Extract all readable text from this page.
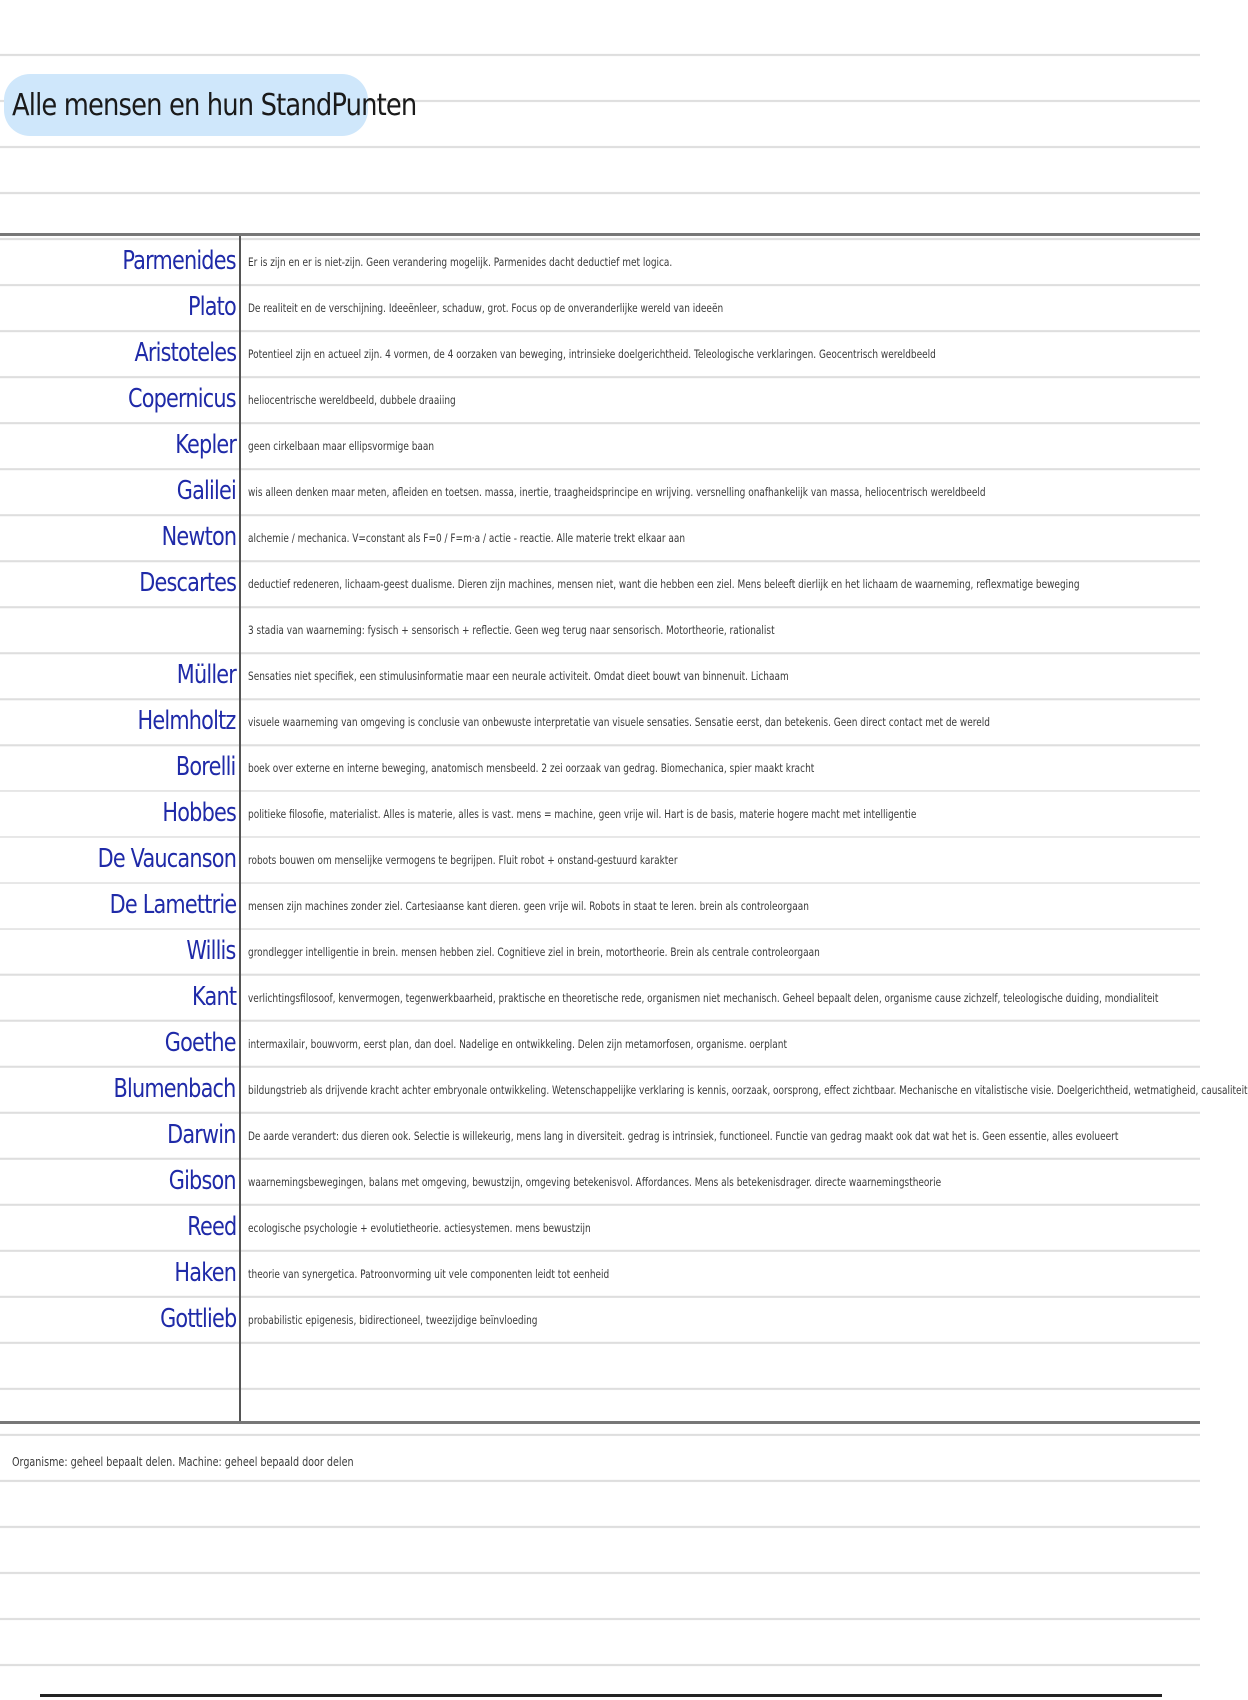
Alle mensen en hun StandPunten
Parmenides Er is zijn en er is niet-zijn. Geen verandering mogelijk. Parmenides dacht deductief met logica.
Plato De realiteit en de verschijning. Ideeënleer, schaduw, grot. Focus op de onveranderlijke wereld van ideeën
Aristoteles Potentieel zijn en actueel zijn. 4 vormen, de 4 oorzaken van beweging, intrinsieke doelgerichtheid. Teleologische verklaringen. Geocentrisch wereldbeeld
Copernicus heliocentrische wereldbeeld, dubbele draaiing
Kepler geen cirkelbaan maar ellipsvormige baan
Galilei wis alleen denken maar meten, afleiden en toetsen. massa, inertie, traagheidsprincipe en wrijving. versnelling onafhankelijk van massa, heliocentrisch wereldbeeld
Newton alchemie / mechanica. V=constant als F=0 / F=m·a / actie - reactie. Alle materie trekt elkaar aan
Descartes deductief redeneren, lichaam-geest dualisme. Dieren zijn machines, mensen niet, want die hebben een ziel. Mens beleeft dierlijk en het lichaam de waarneming, reflexmatige beweging
3 stadia van waarneming: fysisch + sensorisch + reflectie. Geen weg terug naar sensorisch. Motortheorie, rationalist
Müller Sensaties niet specifiek, een stimulusinformatie maar een neurale activiteit. Omdat dieet bouwt van binnenuit. Lichaam
Helmholtz visuele waarneming van omgeving is conclusie van onbewuste interpretatie van visuele sensaties. Sensatie eerst, dan betekenis. Geen direct contact met de wereld
Borelli boek over externe en interne beweging, anatomisch mensbeeld. 2 zei oorzaak van gedrag. Biomechanica, spier maakt kracht
Hobbes politieke filosofie, materialist. Alles is materie, alles is vast. mens = machine, geen vrije wil. Hart is de basis, materie hogere macht met intelligentie
De Vaucanson robots bouwen om menselijke vermogens te begrijpen. Fluit robot + onstand-gestuurd karakter
De Lamettrie mensen zijn machines zonder ziel. Cartesiaanse kant dieren. geen vrije wil. Robots in staat te leren. brein als controleorgaan
Willis grondlegger intelligentie in brein. mensen hebben ziel. Cognitieve ziel in brein, motortheorie. Brein als centrale controleorgaan
Kant verlichtingsfilosoof, kenvermogen, tegenwerkbaarheid, praktische en theoretische rede, organismen niet mechanisch. Geheel bepaalt delen, organisme cause zichzelf, teleologische duiding, mondialiteit
Goethe intermaxilair, bouwvorm, eerst plan, dan doel. Nadelige en ontwikkeling. Delen zijn metamorfosen, organisme. oerplant
Blumenbach bildungstrieb als drijvende kracht achter embryonale ontwikkeling. Wetenschappelijke verklaring is kennis, oorzaak, oorsprong, effect zichtbaar. Mechanische en vitalistische visie. Doelgerichtheid, wetmatigheid, causaliteit
Darwin De aarde verandert: dus dieren ook. Selectie is willekeurig, mens lang in diversiteit. gedrag is intrinsiek, functioneel. Functie van gedrag maakt ook dat wat het is. Geen essentie, alles evolueert
Gibson waarnemingsbewegingen, balans met omgeving, bewustzijn, omgeving betekenisvol. Affordances. Mens als betekenisdrager. directe waarnemingstheorie
Reed ecologische psychologie + evolutietheorie. actiesystemen. mens bewustzijn
Haken theorie van synergetica. Patroonvorming uit vele componenten leidt tot eenheid
Gottlieb probabilistic epigenesis, bidirectioneel, tweezijdige beïnvloeding
Organisme: geheel bepaalt delen. Machine: geheel bepaald door delen
